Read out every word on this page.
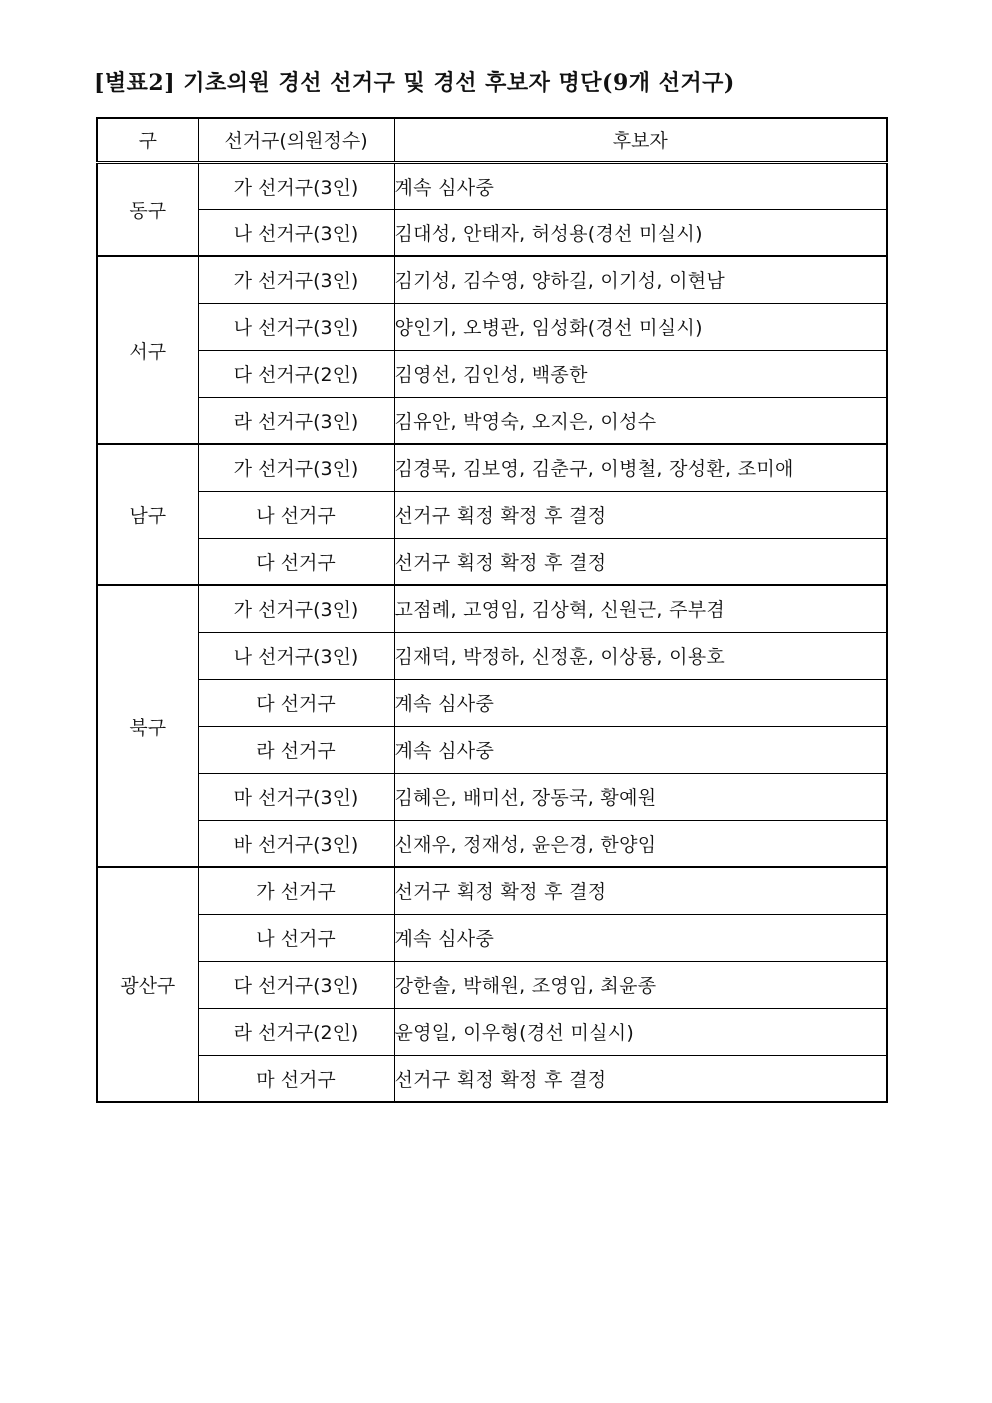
[별표2] 기초의원 경선 선거구 및 경선 후보자 명단(9개 선거구)
구	선거구(의원정수)	후보자
동구	가 선거구(3인)	계속 심사중
	나 선거구(3인)	김대성, 안태자, 허성용(경선 미실시)
서구	가 선거구(3인)	김기성, 김수영, 양하길, 이기성, 이현남
	나 선거구(3인)	양인기, 오병관, 임성화(경선 미실시)
	다 선거구(2인)	김영선, 김인성, 백종한
	라 선거구(3인)	김유안, 박영숙, 오지은, 이성수
남구	가 선거구(3인)	김경묵, 김보영, 김춘구, 이병철, 장성환, 조미애
	나 선거구	선거구 획정 확정 후 결정
	다 선거구	선거구 획정 확정 후 결정
북구	가 선거구(3인)	고점례, 고영임, 김상혁, 신원근, 주부겸
	나 선거구(3인)	김재덕, 박정하, 신정훈, 이상룡, 이용호
	다 선거구	계속 심사중
	라 선거구	계속 심사중
	마 선거구(3인)	김혜은, 배미선, 장동국, 황예원
	바 선거구(3인)	신재우, 정재성, 윤은경, 한양임
광산구	가 선거구	선거구 획정 확정 후 결정
	나 선거구	계속 심사중
	다 선거구(3인)	강한솔, 박해원, 조영임, 최윤종
	라 선거구(2인)	윤영일, 이우형(경선 미실시)
	마 선거구	선거구 획정 확정 후 결정
